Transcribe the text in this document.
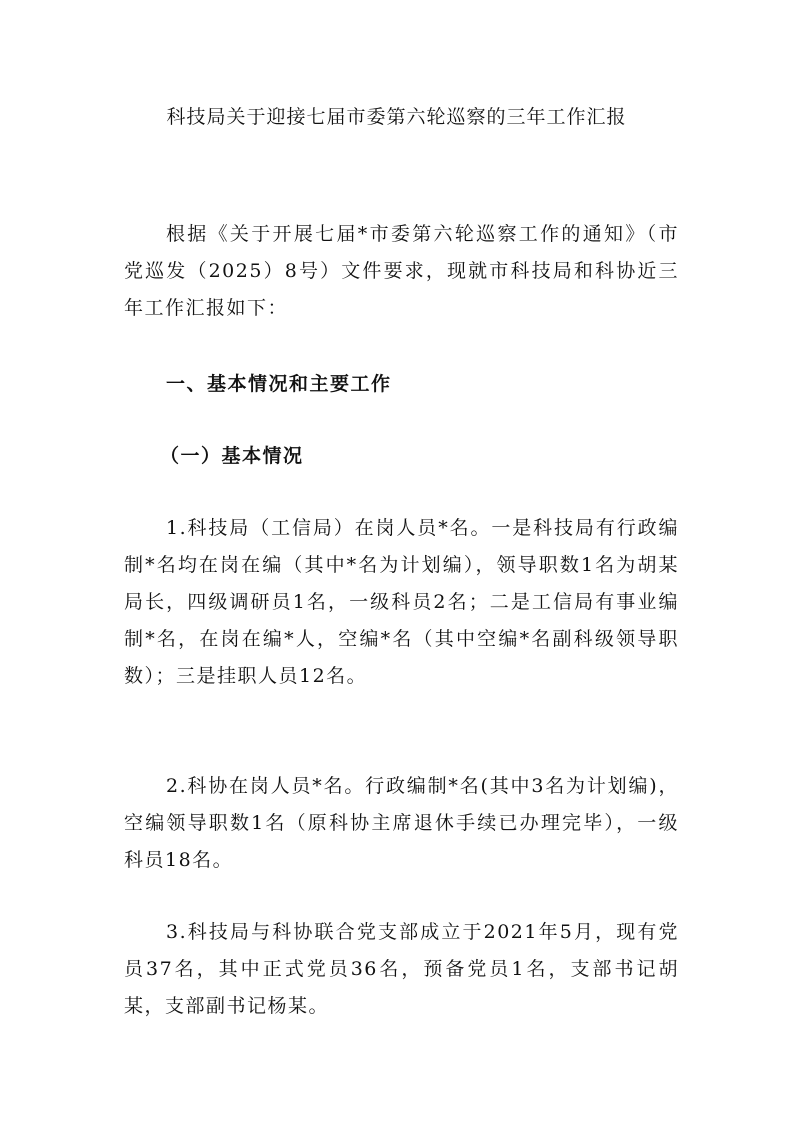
科技局关于迎接七届市委第六轮巡察的三年工作汇报

根据《关于开展七届*市委第六轮巡察工作的通知》（市党巡发（2025）8号）文件要求，现就市科技局和科协近三年工作汇报如下：

一、基本情况和主要工作
（一）基本情况

1.科技局（工信局）在岗人员*名。一是科技局有行政编制*名均在岗在编（其中*名为计划编），领导职数1名为胡某局长，四级调研员1名，一级科员2名；二是工信局有事业编制*名，在岗在编*人，空编*名（其中空编*名副科级领导职数）；三是挂职人员12名。

2.科协在岗人员*名。行政编制*名(其中3名为计划编)，空编领导职数1名（原科协主席退休手续已办理完毕），一级科员18名。

3.科技局与科协联合党支部成立于2021年5月，现有党员37名，其中正式党员36名，预备党员1名，支部书记胡某，支部副书记杨某。
